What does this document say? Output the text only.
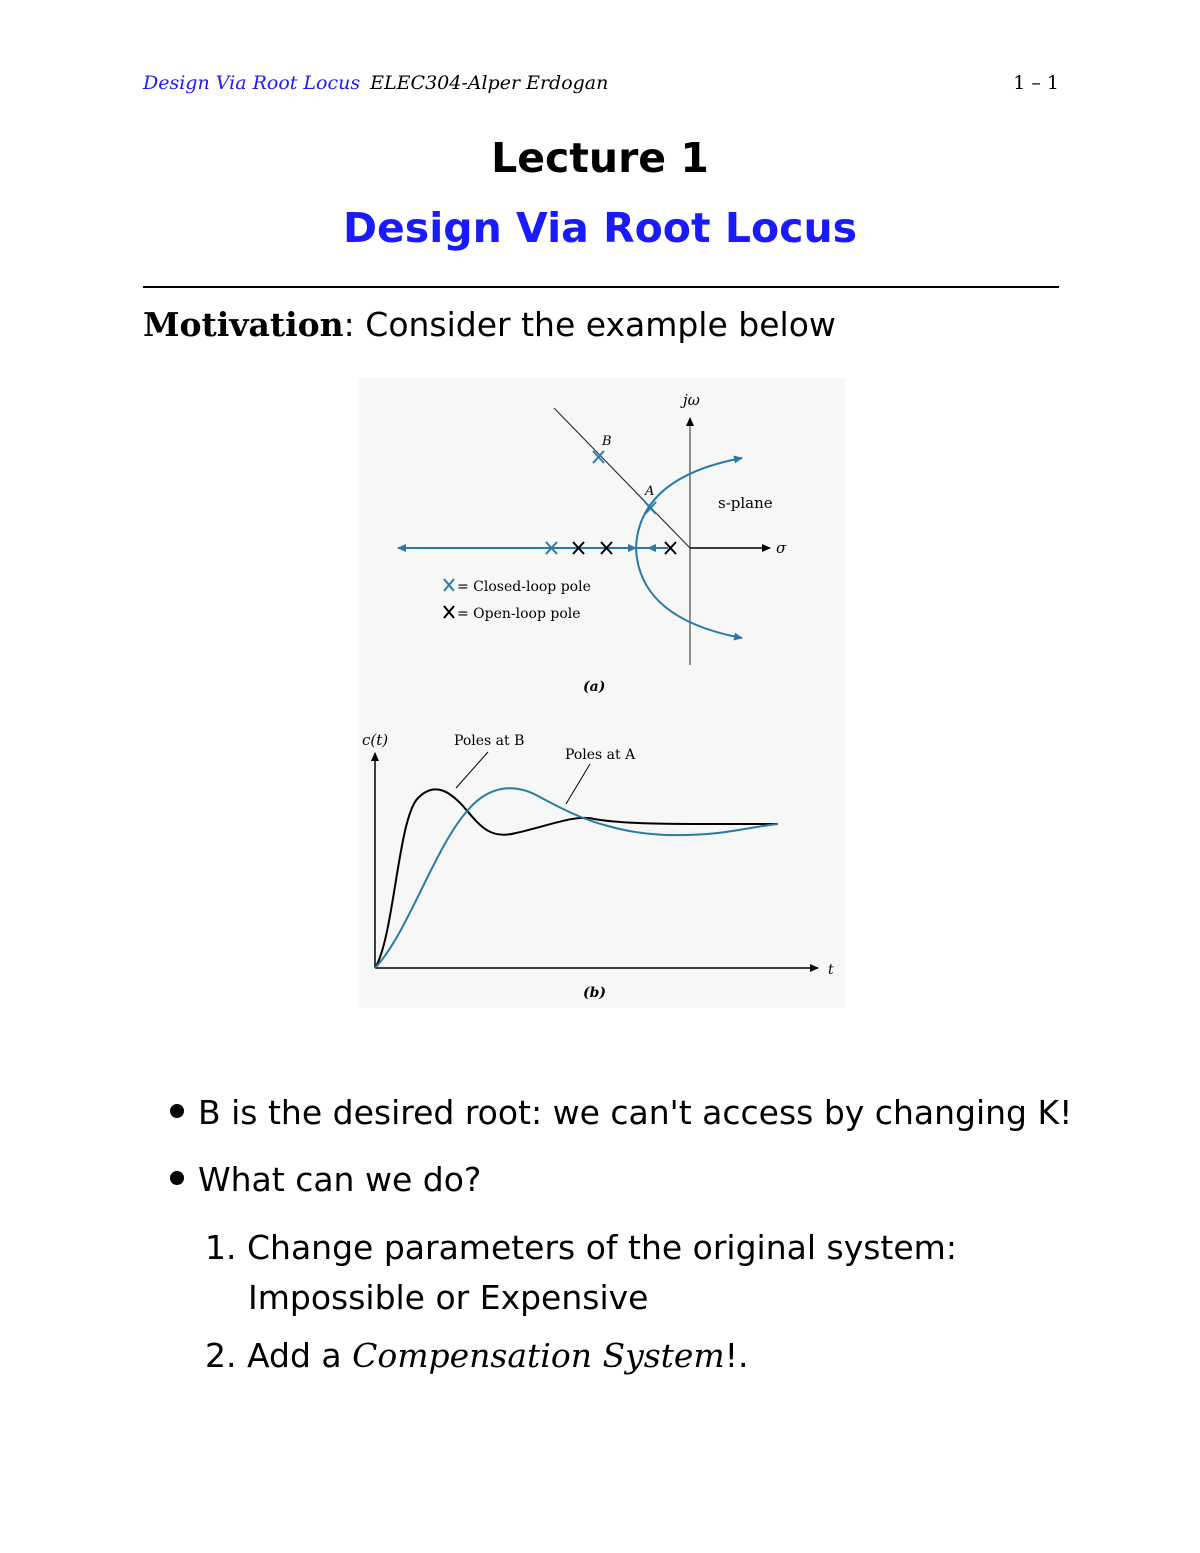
Design Via Root Locus ELEC304-Alper Erdogan	1 – 1
Lecture 1
Design Via Root Locus
Motivation: Consider the example below
jω
σ
s-plane
B
A
= Closed-loop pole
= Open-loop pole
(a)
c(t)
t
Poles at B
Poles at A
(b)
B is the desired root: we can't access by changing K!
What can we do?
1. Change parameters of the original system:
Impossible or Expensive
2. Add a Compensation System!.
